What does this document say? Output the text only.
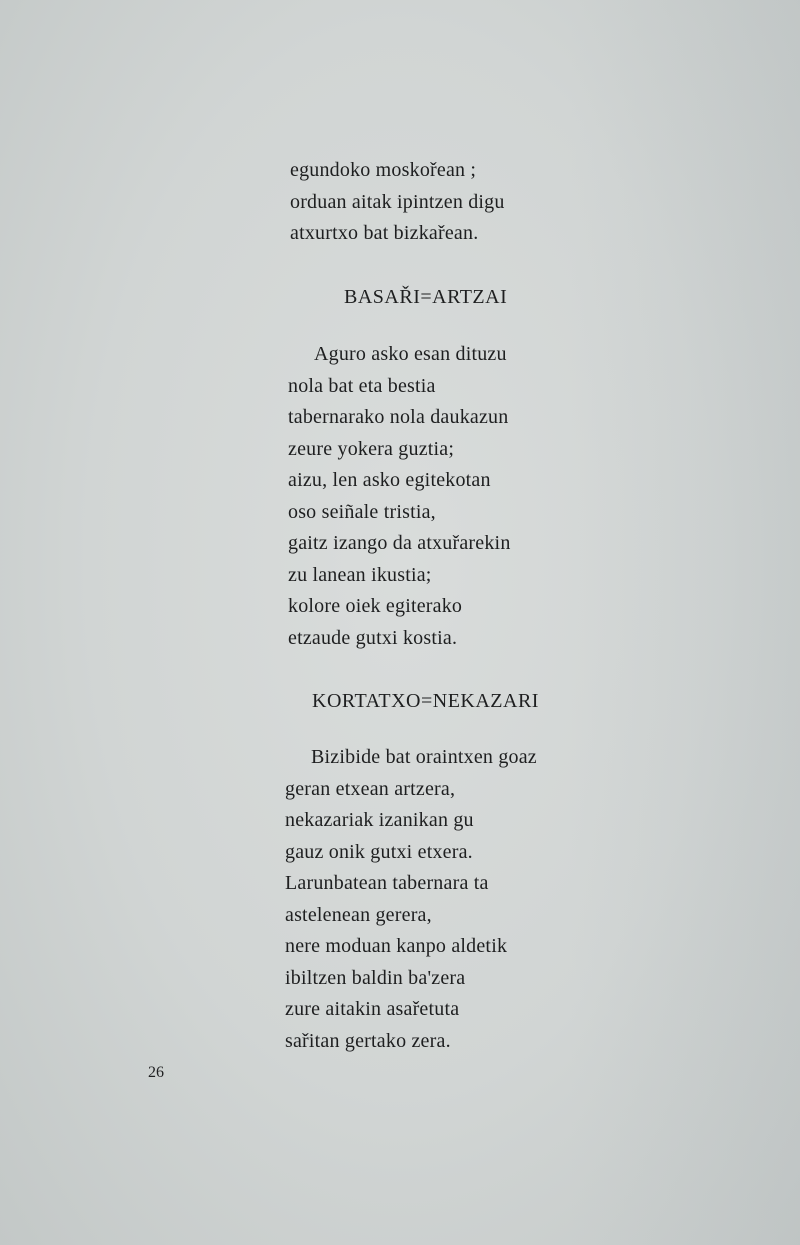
egundoko moskořean ;
orduan aitak ipintzen digu
atxurtxo bat bizkařean.
BASAŘI=ARTZAI
Aguro asko esan dituzu
nola bat eta bestia
tabernarako nola daukazun
zeure yokera guztia;
aizu, len asko egitekotan
oso seiñale tristia,
gaitz izango da atxuřarekin
zu lanean ikustia;
kolore oiek egiterako
etzaude gutxi kostia.
KORTATXO=NEKAZARI
Bizibide bat oraintxen goaz
geran etxean artzera,
nekazariak izanikan gu
gauz onik gutxi etxera.
Larunbatean tabernara ta
astelenean gerera,
nere moduan kanpo aldetik
ibiltzen baldin ba'zera
zure aitakin asařetuta
sařitan gertako zera.
26
